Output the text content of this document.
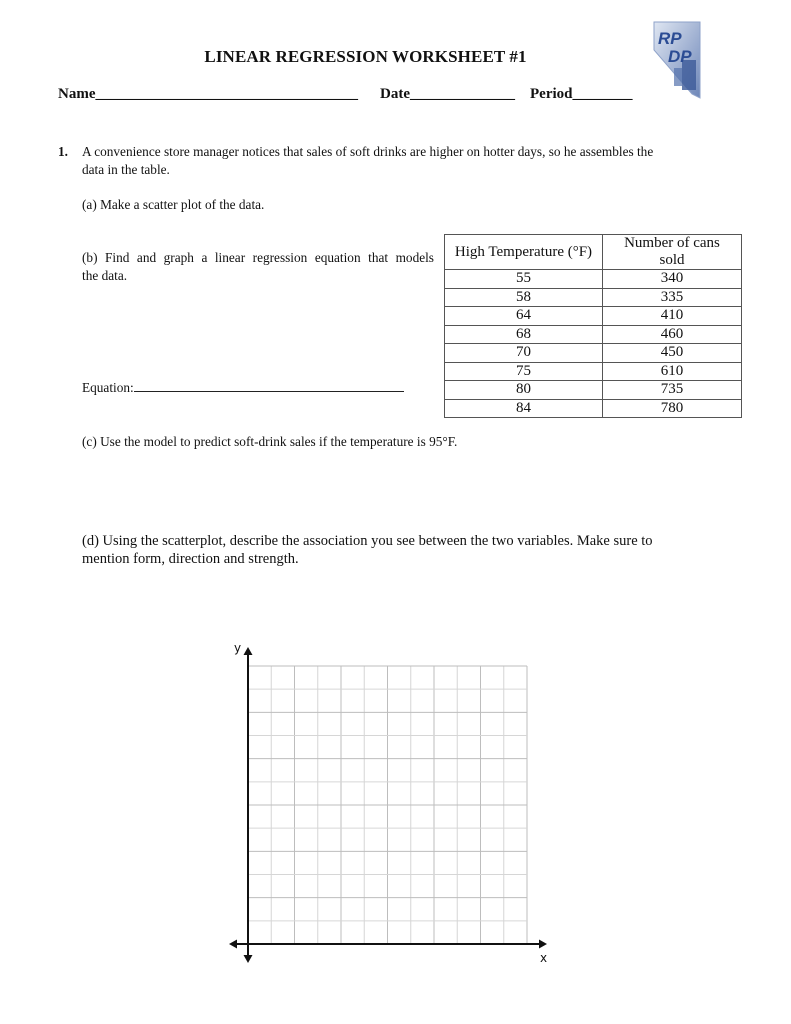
LINEAR REGRESSION WORKSHEET #1
RP
DP
Name___________________________________ Date______________ Period________
1. A convenience store manager notices that sales of soft drinks are higher on hotter days, so he assembles the
data in the table.
(a) Make a scatter plot of the data.
(b) Find and graph a linear regression equation that models
the data.
Equation:
High Temperature (°F)	Number of cans sold
55	340
58	335
64	410
68	460
70	450
75	610
80	735
84	780
(c) Use the model to predict soft-drink sales if the temperature is 95°F.
(d) Using the scatterplot, describe the association you see between the two variables. Make sure to
mention form, direction and strength.
y
x
